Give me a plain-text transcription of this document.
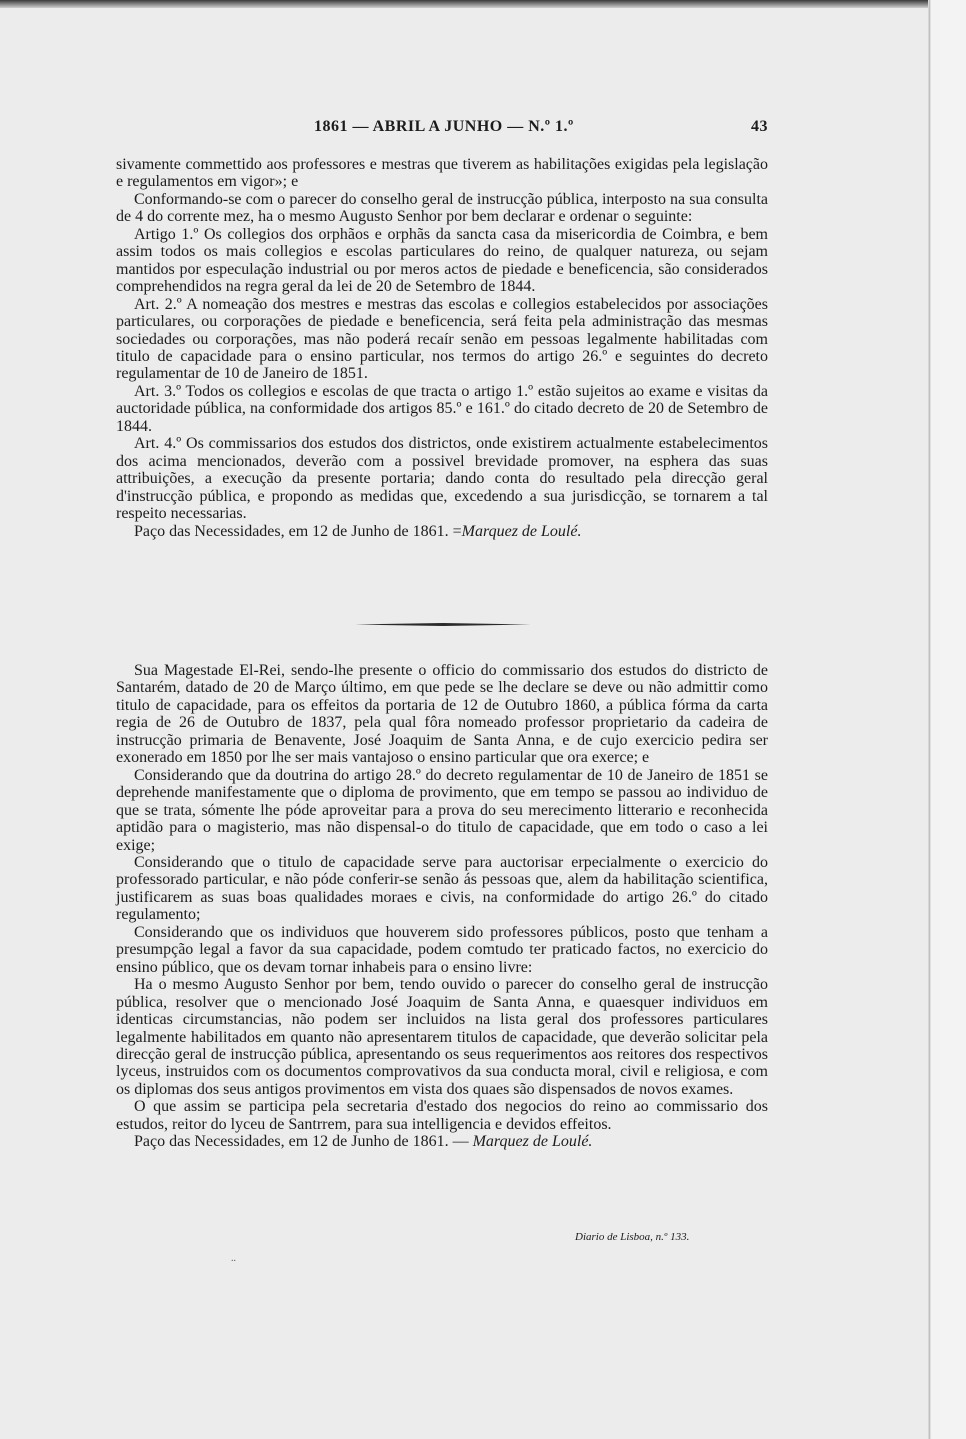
1861 — ABRIL A JUNHO — N.º 1.º	43

sivamente commettido aos professores e mestras que tiverem as habilitações exigidas pela legislação e regulamentos em vigor»; e

Conformando-se com o parecer do conselho geral de instrucção pública, interposto na sua consulta de 4 do corrente mez, ha o mesmo Augusto Senhor por bem declarar e ordenar o seguinte:

Artigo 1.º Os collegios dos orphãos e orphãs da sancta casa da misericordia de Coimbra, e bem assim todos os mais collegios e escolas particulares do reino, de qualquer natureza, ou sejam mantidos por especulação industrial ou por meros actos de piedade e beneficencia, são considerados comprehendidos na regra geral da lei de 20 de Setembro de 1844.

Art. 2.º A nomeação dos mestres e mestras das escolas e collegios estabelecidos por associações particulares, ou corporações de piedade e beneficencia, será feita pela administração das mesmas sociedades ou corporações, mas não poderá recaír senão em pessoas legalmente habilitadas com titulo de capacidade para o ensino particular, nos termos do artigo 26.º e seguintes do decreto regulamentar de 10 de Janeiro de 1851.

Art. 3.º Todos os collegios e escolas de que tracta o artigo 1.º estão sujeitos ao exame e visitas da auctoridade pública, na conformidade dos artigos 85.º e 161.º do citado decreto de 20 de Setembro de 1844.

Art. 4.º Os commissarios dos estudos dos districtos, onde existirem actualmente estabelecimentos dos acima mencionados, deverão com a possivel brevidade promover, na esphera das suas attribuições, a execução da presente portaria; dando conta do resultado pela direcção geral d'instrucção pública, e propondo as medidas que, excedendo a sua jurisdicção, se tornarem a tal respeito necessarias.

Paço das Necessidades, em 12 de Junho de 1861. =Marquez de Loulé.

Sua Magestade El-Rei, sendo-lhe presente o officio do commissario dos estudos do districto de Santarém, datado de 20 de Março último, em que pede se lhe declare se deve ou não admittir como titulo de capacidade, para os effeitos da portaria de 12 de Outubro 1860, a pública fórma da carta regia de 26 de Outubro de 1837, pela qual fôra nomeado professor proprietario da cadeira de instrucção primaria de Benavente, José Joaquim de Santa Anna, e de cujo exercicio pedira ser exonerado em 1850 por lhe ser mais vantajoso o ensino particular que ora exerce; e

Considerando que da doutrina do artigo 28.º do decreto regulamentar de 10 de Janeiro de 1851 se deprehende manifestamente que o diploma de provimento, que em tempo se passou ao individuo de que se trata, sómente lhe póde aproveitar para a prova do seu merecimento litterario e reconhecida aptidão para o magisterio, mas não dispensal-o do titulo de capacidade, que em todo o caso a lei exige;

Considerando que o titulo de capacidade serve para auctorisar erpecialmente o exercicio do professorado particular, e não póde conferir-se senão ás pessoas que, alem da habilitação scientifica, justificarem as suas boas qualidades moraes e civis, na conformidade do artigo 26.º do citado regulamento;

Considerando que os individuos que houverem sido professores públicos, posto que tenham a presumpção legal a favor da sua capacidade, podem comtudo ter praticado factos, no exercicio do ensino público, que os devam tornar inhabeis para o ensino livre:

Ha o mesmo Augusto Senhor por bem, tendo ouvido o parecer do conselho geral de instrucção pública, resolver que o mencionado José Joaquim de Santa Anna, e quaesquer individuos em identicas circumstancias, não podem ser incluidos na lista geral dos professores particulares legalmente habilitados em quanto não apresentarem titulos de capacidade, que deverão solicitar pela direcção geral de instrucção pública, apresentando os seus requerimentos aos reitores dos respectivos lyceus, instruidos com os documentos comprovativos da sua conducta moral, civil e religiosa, e com os diplomas dos seus antigos provimentos em vista dos quaes são dispensados de novos exames.

O que assim se participa pela secretaria d'estado dos negocios do reino ao commissario dos estudos, reitor do lyceu de Santrrem, para sua intelligencia e devidos effeitos.

Paço das Necessidades, em 12 de Junho de 1861. — Marquez de Loulé.

Diario de Lisboa, n.º 133.
..
